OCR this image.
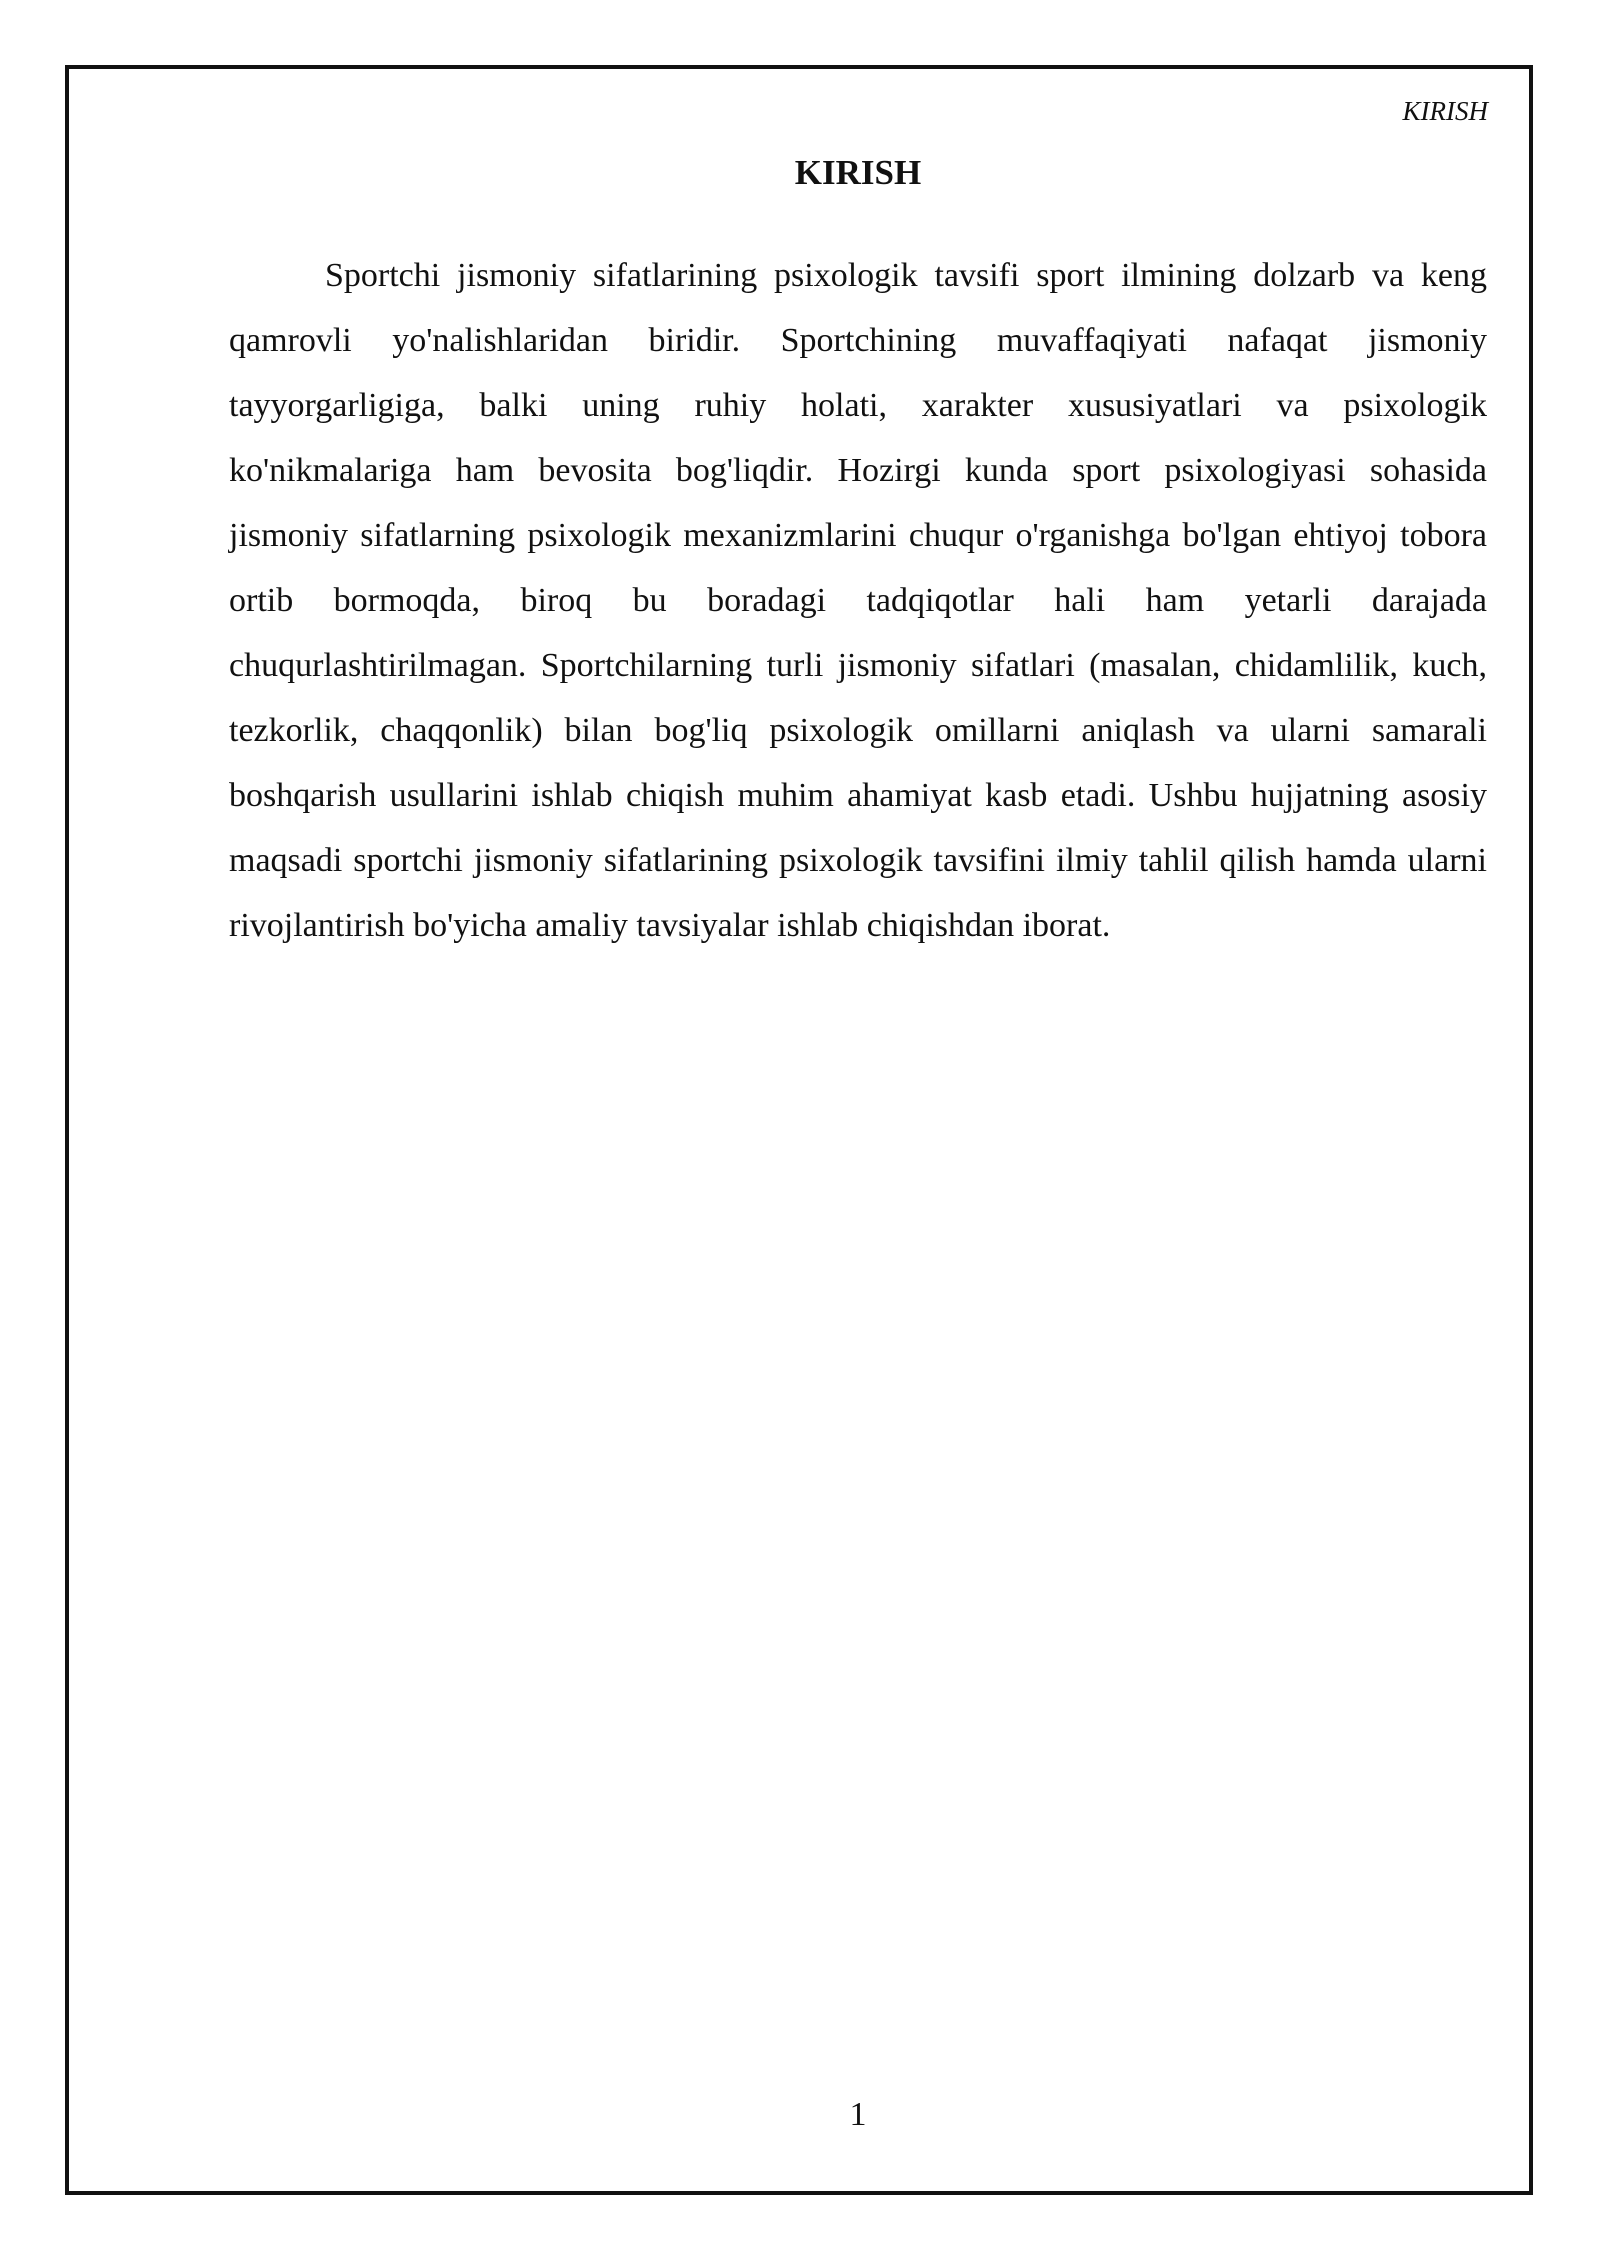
KIRISH
KIRISH

Sportchi jismoniy sifatlarining psixologik tavsifi sport ilmining dolzarb va keng qamrovli yo'nalishlaridan biridir. Sportchining muvaffaqiyati nafaqat jismoniy tayyorgarligiga, balki uning ruhiy holati, xarakter xususiyatlari va psixologik ko'nikmalariga ham bevosita bog'liqdir. Hozirgi kunda sport psixologiyasi sohasida jismoniy sifatlarning psixologik mexanizmlarini chuqur o'rganishga bo'lgan ehtiyoj tobora ortib bormoqda, biroq bu boradagi tadqiqotlar hali ham yetarli darajada chuqurlashtirilmagan. Sportchilarning turli jismoniy sifatlari (masalan, chidamlilik, kuch, tezkorlik, chaqqonlik) bilan bog'liq psixologik omillarni aniqlash va ularni samarali boshqarish usullarini ishlab chiqish muhim ahamiyat kasb etadi. Ushbu hujjatning asosiy maqsadi sportchi jismoniy sifatlarining psixologik tavsifini ilmiy tahlil qilish hamda ularni rivojlantirish bo'yicha amaliy tavsiyalar ishlab chiqishdan iborat.

1
